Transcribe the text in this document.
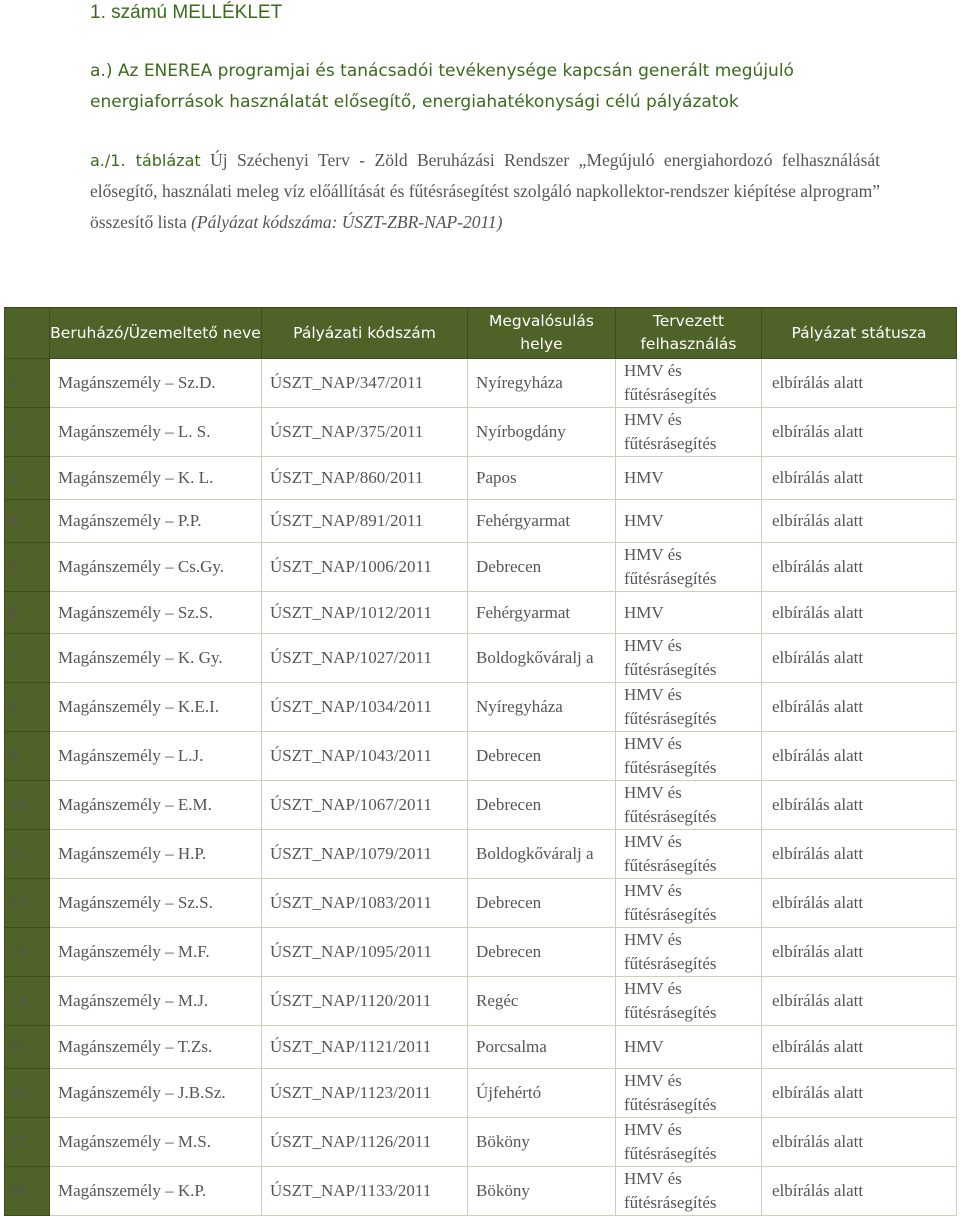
1. számú MELLÉKLET
a.) Az ENEREA programjai és tanácsadói tevékenysége kapcsán generált megújuló
energiaforrások használatát elősegítő, energiahatékonysági célú pályázatok
a./1. táblázat Új Széchenyi Terv - Zöld Beruházási Rendszer „Megújuló energiahordozó felhasználását elősegítő, használati meleg víz előállítását és fűtésrásegítést szolgáló napkollektor-rendszer kiépítése alprogram” összesítő lista (Pályázat kódszáma: ÚSZT-ZBR-NAP-2011)
	Beruházó/Üzemeltető neve	Pályázati kódszám	Megvalósulás helye	Tervezett felhasználás	Pályázat státusza
1.	Magánszemély – Sz.D.	ÚSZT_NAP/347/2011	Nyíregyháza	HMV és fűtésrásegítés	elbírálás alatt
2.	Magánszemély – L. S.	ÚSZT_NAP/375/2011	Nyírbogdány	HMV és fűtésrásegítés	elbírálás alatt
3.	Magánszemély – K. L.	ÚSZT_NAP/860/2011	Papos	HMV	elbírálás alatt
4.	Magánszemély – P.P.	ÚSZT_NAP/891/2011	Fehérgyarmat	HMV	elbírálás alatt
5.	Magánszemély – Cs.Gy.	ÚSZT_NAP/1006/2011	Debrecen	HMV és fűtésrásegítés	elbírálás alatt
6.	Magánszemély – Sz.S.	ÚSZT_NAP/1012/2011	Fehérgyarmat	HMV	elbírálás alatt
7.	Magánszemély – K. Gy.	ÚSZT_NAP/1027/2011	Boldogkőváralj a	HMV és fűtésrásegítés	elbírálás alatt
8.	Magánszemély – K.E.I.	ÚSZT_NAP/1034/2011	Nyíregyháza	HMV és fűtésrásegítés	elbírálás alatt
9.	Magánszemély – L.J.	ÚSZT_NAP/1043/2011	Debrecen	HMV és fűtésrásegítés	elbírálás alatt
10.	Magánszemély – E.M.	ÚSZT_NAP/1067/2011	Debrecen	HMV és fűtésrásegítés	elbírálás alatt
11.	Magánszemély – H.P.	ÚSZT_NAP/1079/2011	Boldogkőváralj a	HMV és fűtésrásegítés	elbírálás alatt
12.	Magánszemély – Sz.S.	ÚSZT_NAP/1083/2011	Debrecen	HMV és fűtésrásegítés	elbírálás alatt
13.	Magánszemély – M.F.	ÚSZT_NAP/1095/2011	Debrecen	HMV és fűtésrásegítés	elbírálás alatt
14.	Magánszemély – M.J.	ÚSZT_NAP/1120/2011	Regéc	HMV és fűtésrásegítés	elbírálás alatt
15.	Magánszemély – T.Zs.	ÚSZT_NAP/1121/2011	Porcsalma	HMV	elbírálás alatt
16.	Magánszemély – J.B.Sz.	ÚSZT_NAP/1123/2011	Újfehértó	HMV és fűtésrásegítés	elbírálás alatt
17.	Magánszemély – M.S.	ÚSZT_NAP/1126/2011	Bököny	HMV és fűtésrásegítés	elbírálás alatt
18.	Magánszemély – K.P.	ÚSZT_NAP/1133/2011	Bököny	HMV és fűtésrásegítés	elbírálás alatt
